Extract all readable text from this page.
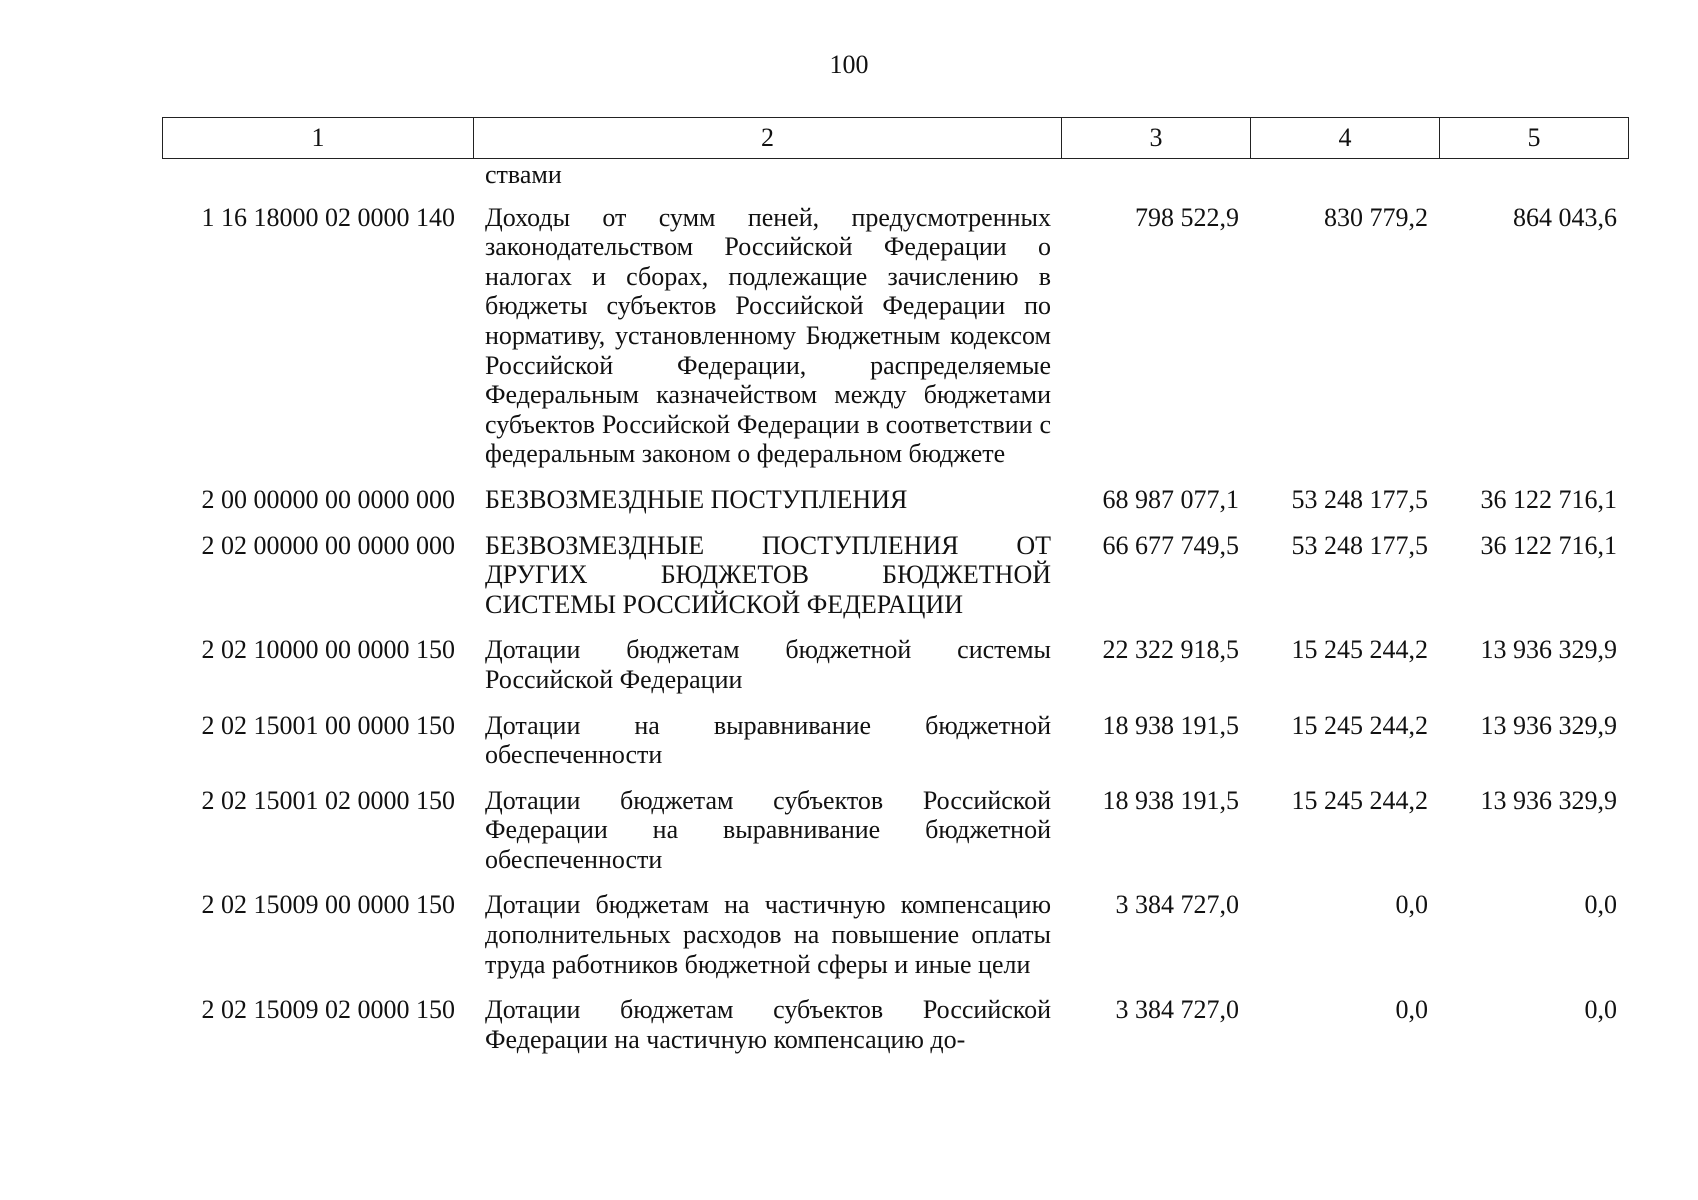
100
1	2	3	4	5
	ствами			
1 16 18000 02 0000 140	Доходы от сумм пеней, предусмотренных законодательством Российской Федерации о налогах и сборах, подлежащие зачислению в бюджеты субъектов Российской Федерации по нормативу, установленному Бюджетным кодексом Российской Федерации, распределяемые Федеральным казначейством между бюджетами субъектов Российской Федерации в соответствии с федеральным законом о федеральном бюджете	798 522,9	830 779,2	864 043,6
2 00 00000 00 0000 000	БЕЗВОЗМЕЗДНЫЕ ПОСТУПЛЕНИЯ	68 987 077,1	53 248 177,5	36 122 716,1
2 02 00000 00 0000 000	БЕЗВОЗМЕЗДНЫЕ ПОСТУПЛЕНИЯ ОТ ДРУГИХ БЮДЖЕТОВ БЮДЖЕТНОЙ СИСТЕМЫ РОССИЙСКОЙ ФЕДЕРАЦИИ	66 677 749,5	53 248 177,5	36 122 716,1
2 02 10000 00 0000 150	Дотации бюджетам бюджетной системы Российской Федерации	22 322 918,5	15 245 244,2	13 936 329,9
2 02 15001 00 0000 150	Дотации на выравнивание бюджетной обеспеченности	18 938 191,5	15 245 244,2	13 936 329,9
2 02 15001 02 0000 150	Дотации бюджетам субъектов Российской Федерации на выравнивание бюджетной обеспеченности	18 938 191,5	15 245 244,2	13 936 329,9
2 02 15009 00 0000 150	Дотации бюджетам на частичную компенсацию дополнительных расходов на повышение оплаты труда работников бюджетной сферы и иные цели	3 384 727,0	0,0	0,0
2 02 15009 02 0000 150	Дотации бюджетам субъектов Российской Федерации на частичную компенсацию до-	3 384 727,0	0,0	0,0
